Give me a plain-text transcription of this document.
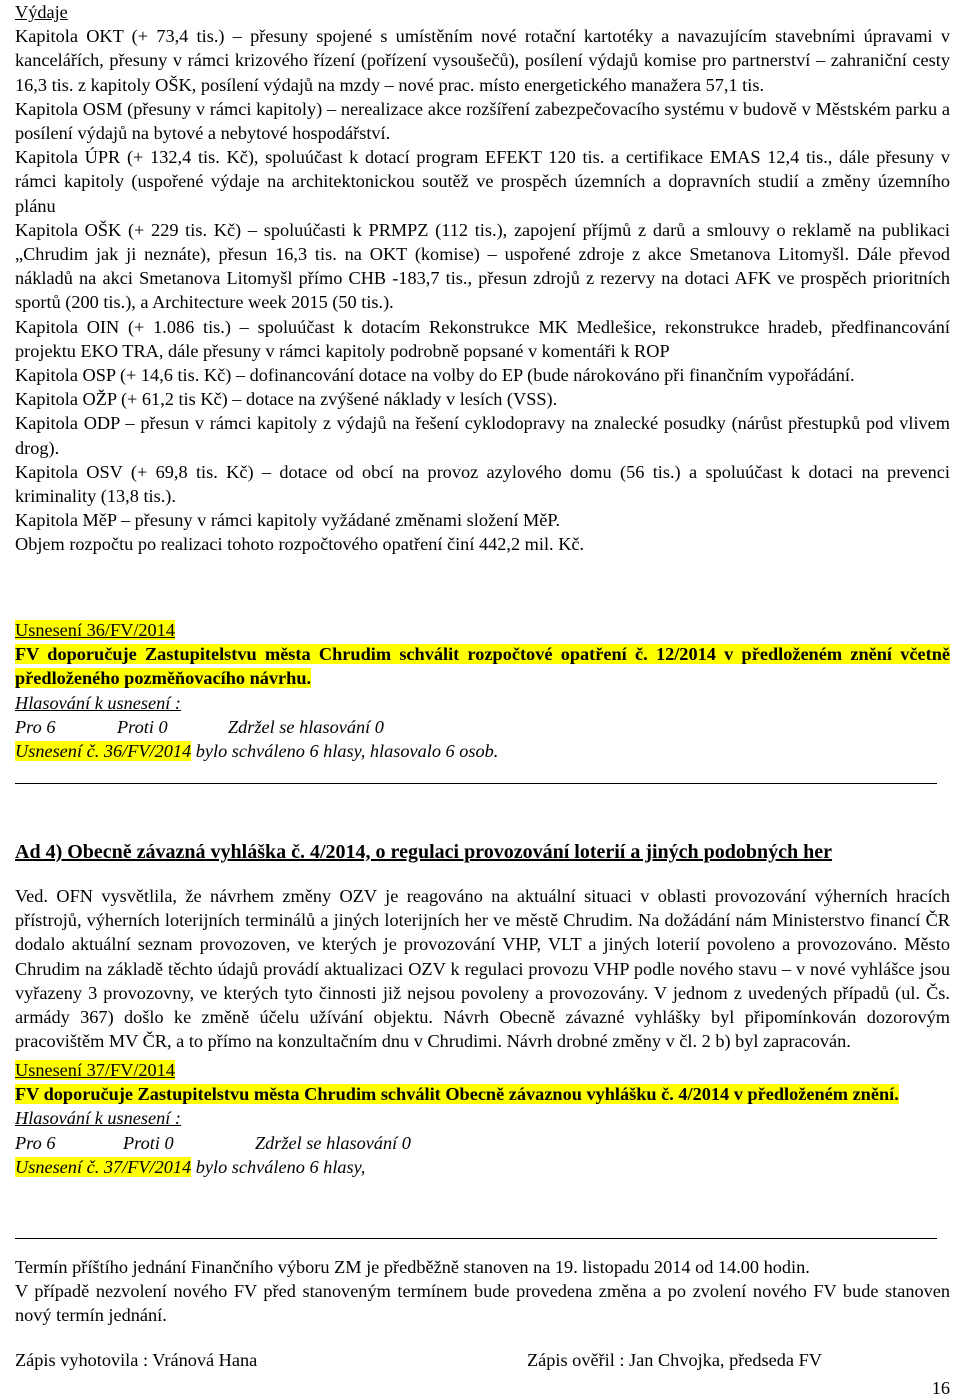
Výdaje

Kapitola OKT (+ 73,4 tis.) – přesuny spojené s umístěním nové rotační kartotéky a navazujícím stavebními úpravami v kancelářích, přesuny v rámci krizového řízení (pořízení vysoušečů), posílení výdajů komise pro partnerství – zahraniční cesty 16,3 tis. z kapitoly OŠK, posílení výdajů na mzdy – nové prac. místo energetického manažera 57,1 tis.

Kapitola OSM (přesuny v rámci kapitoly) – nerealizace akce rozšíření zabezpečovacího systému v budově v Městském parku a posílení výdajů na bytové a nebytové hospodářství.

Kapitola ÚPR (+ 132,4 tis. Kč), spoluúčast k dotací program EFEKT 120 tis. a certifikace EMAS 12,4 tis., dále přesuny v rámci kapitoly (uspořené výdaje na architektonickou soutěž ve prospěch územních a dopravních studií a změny územního plánu

Kapitola OŠK (+ 229 tis. Kč) – spoluúčasti k PRMPZ (112 tis.), zapojení příjmů z darů a smlouvy o reklamě na publikaci „Chrudim jak ji neznáte), přesun 16,3 tis. na OKT (komise) – uspořené zdroje z akce Smetanova Litomyšl. Dále převod nákladů na akci Smetanova Litomyšl přímo CHB -183,7 tis., přesun zdrojů z rezervy na dotaci AFK ve prospěch prioritních sportů (200 tis.), a Architecture week 2015 (50 tis.).

Kapitola OIN (+ 1.086 tis.) – spoluúčast k dotacím Rekonstrukce MK Medlešice, rekonstrukce hradeb, předfinancování projektu EKO TRA, dále přesuny v rámci kapitoly podrobně popsané v komentáři k ROP

Kapitola OSP (+ 14,6 tis. Kč) – dofinancování dotace na volby do EP (bude nárokováno při finančním vypořádání.

Kapitola OŽP (+ 61,2 tis Kč) – dotace na zvýšené náklady v lesích (VSS).

Kapitola ODP – přesun v rámci kapitoly z výdajů na řešení cyklodopravy na znalecké posudky (nárůst přestupků pod vlivem drog).

Kapitola OSV (+ 69,8 tis. Kč) – dotace od obcí na provoz azylového domu (56 tis.) a spoluúčast k dotaci na prevenci kriminality (13,8 tis.).

Kapitola MěP – přesuny v rámci kapitoly vyžádané změnami složení MěP.

Objem rozpočtu po realizaci tohoto rozpočtového opatření činí 442,2 mil. Kč.

Usnesení 36/FV/2014

FV doporučuje Zastupitelstvu města Chrudim schválit rozpočtové opatření č. 12/2014 v předloženém znění včetně předloženého pozměňovacího návrhu.

Hlasování k usnesení :

Pro 6	Proti 0	Zdržel se hlasování 0

Usnesení č. 36/FV/2014 bylo schváleno 6 hlasy, hlasovalo 6 osob.

Ad 4) Obecně závazná vyhláška č. 4/2014, o regulaci provozování loterií a jiných podobných her

Ved. OFN vysvětlila, že návrhem změny OZV je reagováno na aktuální situaci v oblasti provozování výherních hracích přístrojů, výherních loterijních terminálů a jiných loterijních her ve městě Chrudim. Na dožádání nám Ministerstvo financí ČR dodalo aktuální seznam provozoven, ve kterých je provozování VHP, VLT a jiných loterií povoleno a provozováno. Město Chrudim na základě těchto údajů provádí aktualizaci OZV k regulaci provozu VHP podle nového stavu – v nové vyhlášce jsou vyřazeny 3 provozovny, ve kterých tyto činnosti již nejsou povoleny a provozovány. V jednom z uvedených případů (ul. Čs. armády 367) došlo ke změně účelu užívání objektu. Návrh Obecně závazné vyhlášky byl připomínkován dozorovým pracovištěm MV ČR, a to přímo na konzultačním dnu v Chrudimi. Návrh drobné změny v čl. 2 b) byl zapracován.

Usnesení 37/FV/2014

FV doporučuje Zastupitelstvu města Chrudim schválit Obecně závaznou vyhlášku č. 4/2014 v předloženém znění.

Hlasování k usnesení :

Pro 6	Proti 0	Zdržel se hlasování 0

Usnesení č. 37/FV/2014 bylo schváleno 6 hlasy,

Termín příštího jednání Finančního výboru ZM je předběžně stanoven na 19. listopadu 2014 od 14.00 hodin.

V případě nezvolení nového FV před stanoveným termínem bude provedena změna a po zvolení nového FV bude stanoven nový termín jednání.

Zápis vyhotovila : Vránová Hana	Zápis ověřil : Jan Chvojka, předseda FV
16
